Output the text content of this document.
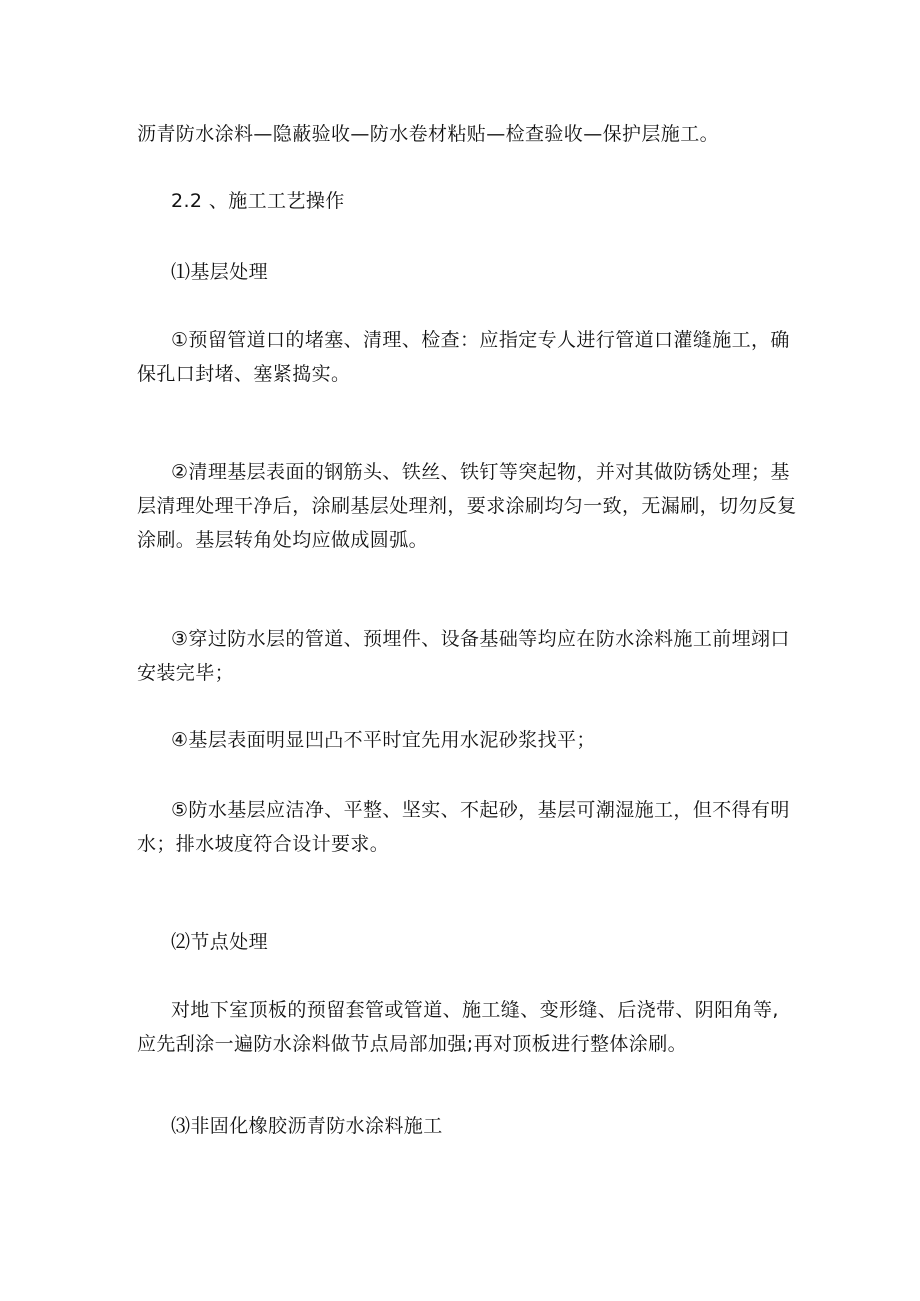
沥青防水涂料—隐蔽验收—防水卷材粘贴—检查验收—保护层施工。

2.2 、施工工艺操作

⑴基层处理

①预留管道口的堵塞、清理、检查：应指定专人进行管道口灌缝施工，确保孔口封堵、塞紧捣实。

②清理基层表面的钢筋头、铁丝、铁钉等突起物，并对其做防锈处理；基层清理处理干净后，涂刷基层处理剂，要求涂刷均匀一致，无漏刷，切勿反复涂刷。基层转角处均应做成圆弧。

③穿过防水层的管道、预埋件、设备基础等均应在防水涂料施工前埋翊口安装完毕；

④基层表面明显凹凸不平时宜先用水泥砂浆找平；

⑤防水基层应洁净、平整、坚实、不起砂，基层可潮湿施工，但不得有明水；排水坡度符合设计要求。

⑵节点处理

对地下室顶板的预留套管或管道、施工缝、变形缝、后浇带、阴阳角等,应先刮涂一遍防水涂料做节点局部加强;再对顶板进行整体涂刷。

⑶非固化橡胶沥青防水涂料施工
